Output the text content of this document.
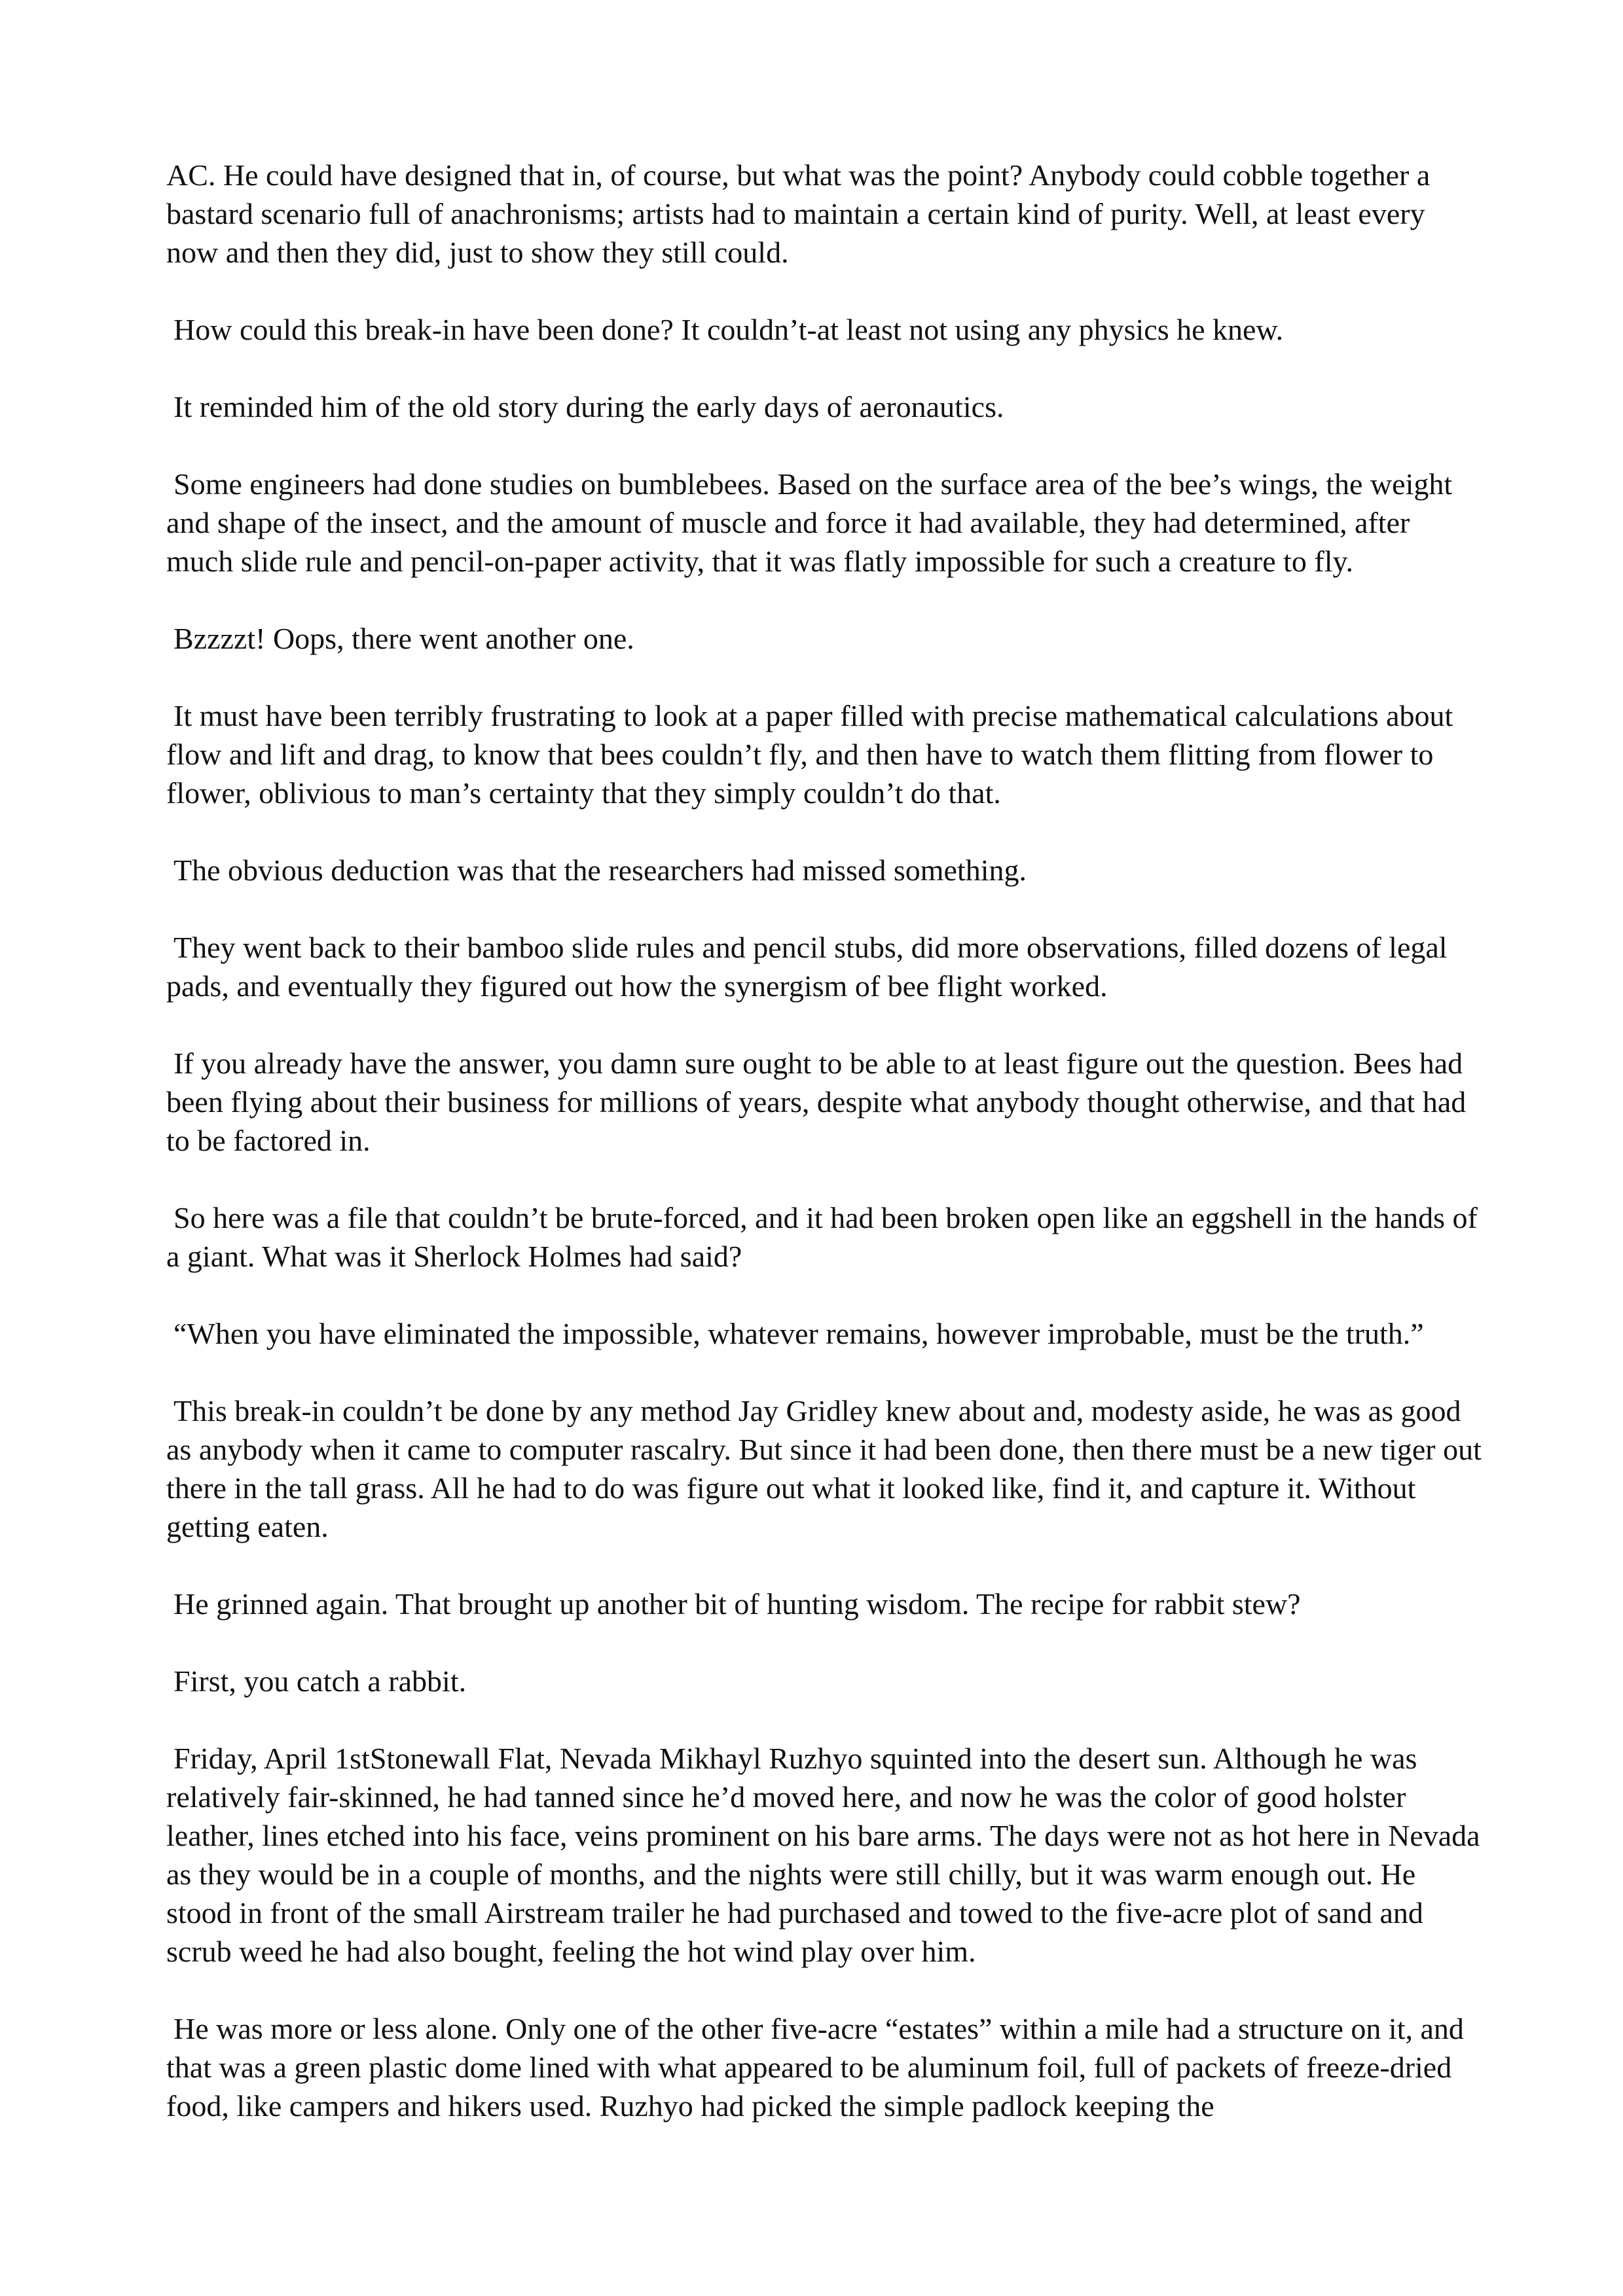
AC. He could have designed that in, of course, but what was the point? Anybody could cobble together a bastard scenario full of anachronisms; artists had to maintain a certain kind of purity. Well, at least every now and then they did, just to show they still could.

How could this break-in have been done? It couldn’t-at least not using any physics he knew.

It reminded him of the old story during the early days of aeronautics.

Some engineers had done studies on bumblebees. Based on the surface area of the bee’s wings, the weight and shape of the insect, and the amount of muscle and force it had available, they had determined, after much slide rule and pencil-on-paper activity, that it was flatly impossible for such a creature to fly.

Bzzzzt! Oops, there went another one.

It must have been terribly frustrating to look at a paper filled with precise mathematical calculations about flow and lift and drag, to know that bees couldn’t fly, and then have to watch them flitting from flower to flower, oblivious to man’s certainty that they simply couldn’t do that.

The obvious deduction was that the researchers had missed something.

They went back to their bamboo slide rules and pencil stubs, did more observations, filled dozens of legal pads, and eventually they figured out how the synergism of bee flight worked.

If you already have the answer, you damn sure ought to be able to at least figure out the question. Bees had been flying about their business for millions of years, despite what anybody thought otherwise, and that had to be factored in.

So here was a file that couldn’t be brute-forced, and it had been broken open like an eggshell in the hands of a giant. What was it Sherlock Holmes had said?

“When you have eliminated the impossible, whatever remains, however improbable, must be the truth.”

This break-in couldn’t be done by any method Jay Gridley knew about and, modesty aside, he was as good as anybody when it came to computer rascalry. But since it had been done, then there must be a new tiger out there in the tall grass. All he had to do was figure out what it looked like, find it, and capture it. Without getting eaten.

He grinned again. That brought up another bit of hunting wisdom. The recipe for rabbit stew?

First, you catch a rabbit.

Friday, April 1stStonewall Flat, Nevada Mikhayl Ruzhyo squinted into the desert sun. Although he was relatively fair-skinned, he had tanned since he’d moved here, and now he was the color of good holster leather, lines etched into his face, veins prominent on his bare arms. The days were not as hot here in Nevada as they would be in a couple of months, and the nights were still chilly, but it was warm enough out. He stood in front of the small Airstream trailer he had purchased and towed to the five-acre plot of sand and scrub weed he had also bought, feeling the hot wind play over him.

He was more or less alone. Only one of the other five-acre “estates” within a mile had a structure on it, and that was a green plastic dome lined with what appeared to be aluminum foil, full of packets of freeze-dried food, like campers and hikers used. Ruzhyo had picked the simple padlock keeping the
